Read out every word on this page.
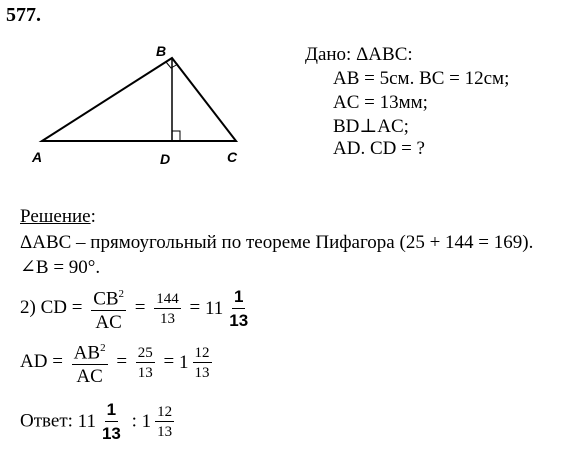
577.
B
A	D	C
Дано: ΔABC:
AB = 5см. BC = 12см;
AC = 13мм;
BD⊥AC;
AD. CD = ?
Решение:
ΔABC – прямоугольный по теореме Пифагора (25 + 144 = 169).
∠B = 90°.
2) CD = $\frac{CB^2}{AC} = \frac{144}{13} = 11 \frac{1}{13}$
AD = $\frac{AB^2}{AC} = \frac{25}{13} = 1 \frac{12}{13}$
Ответ: $11 \frac{1}{13}$ : $1 \frac{12}{13}$
